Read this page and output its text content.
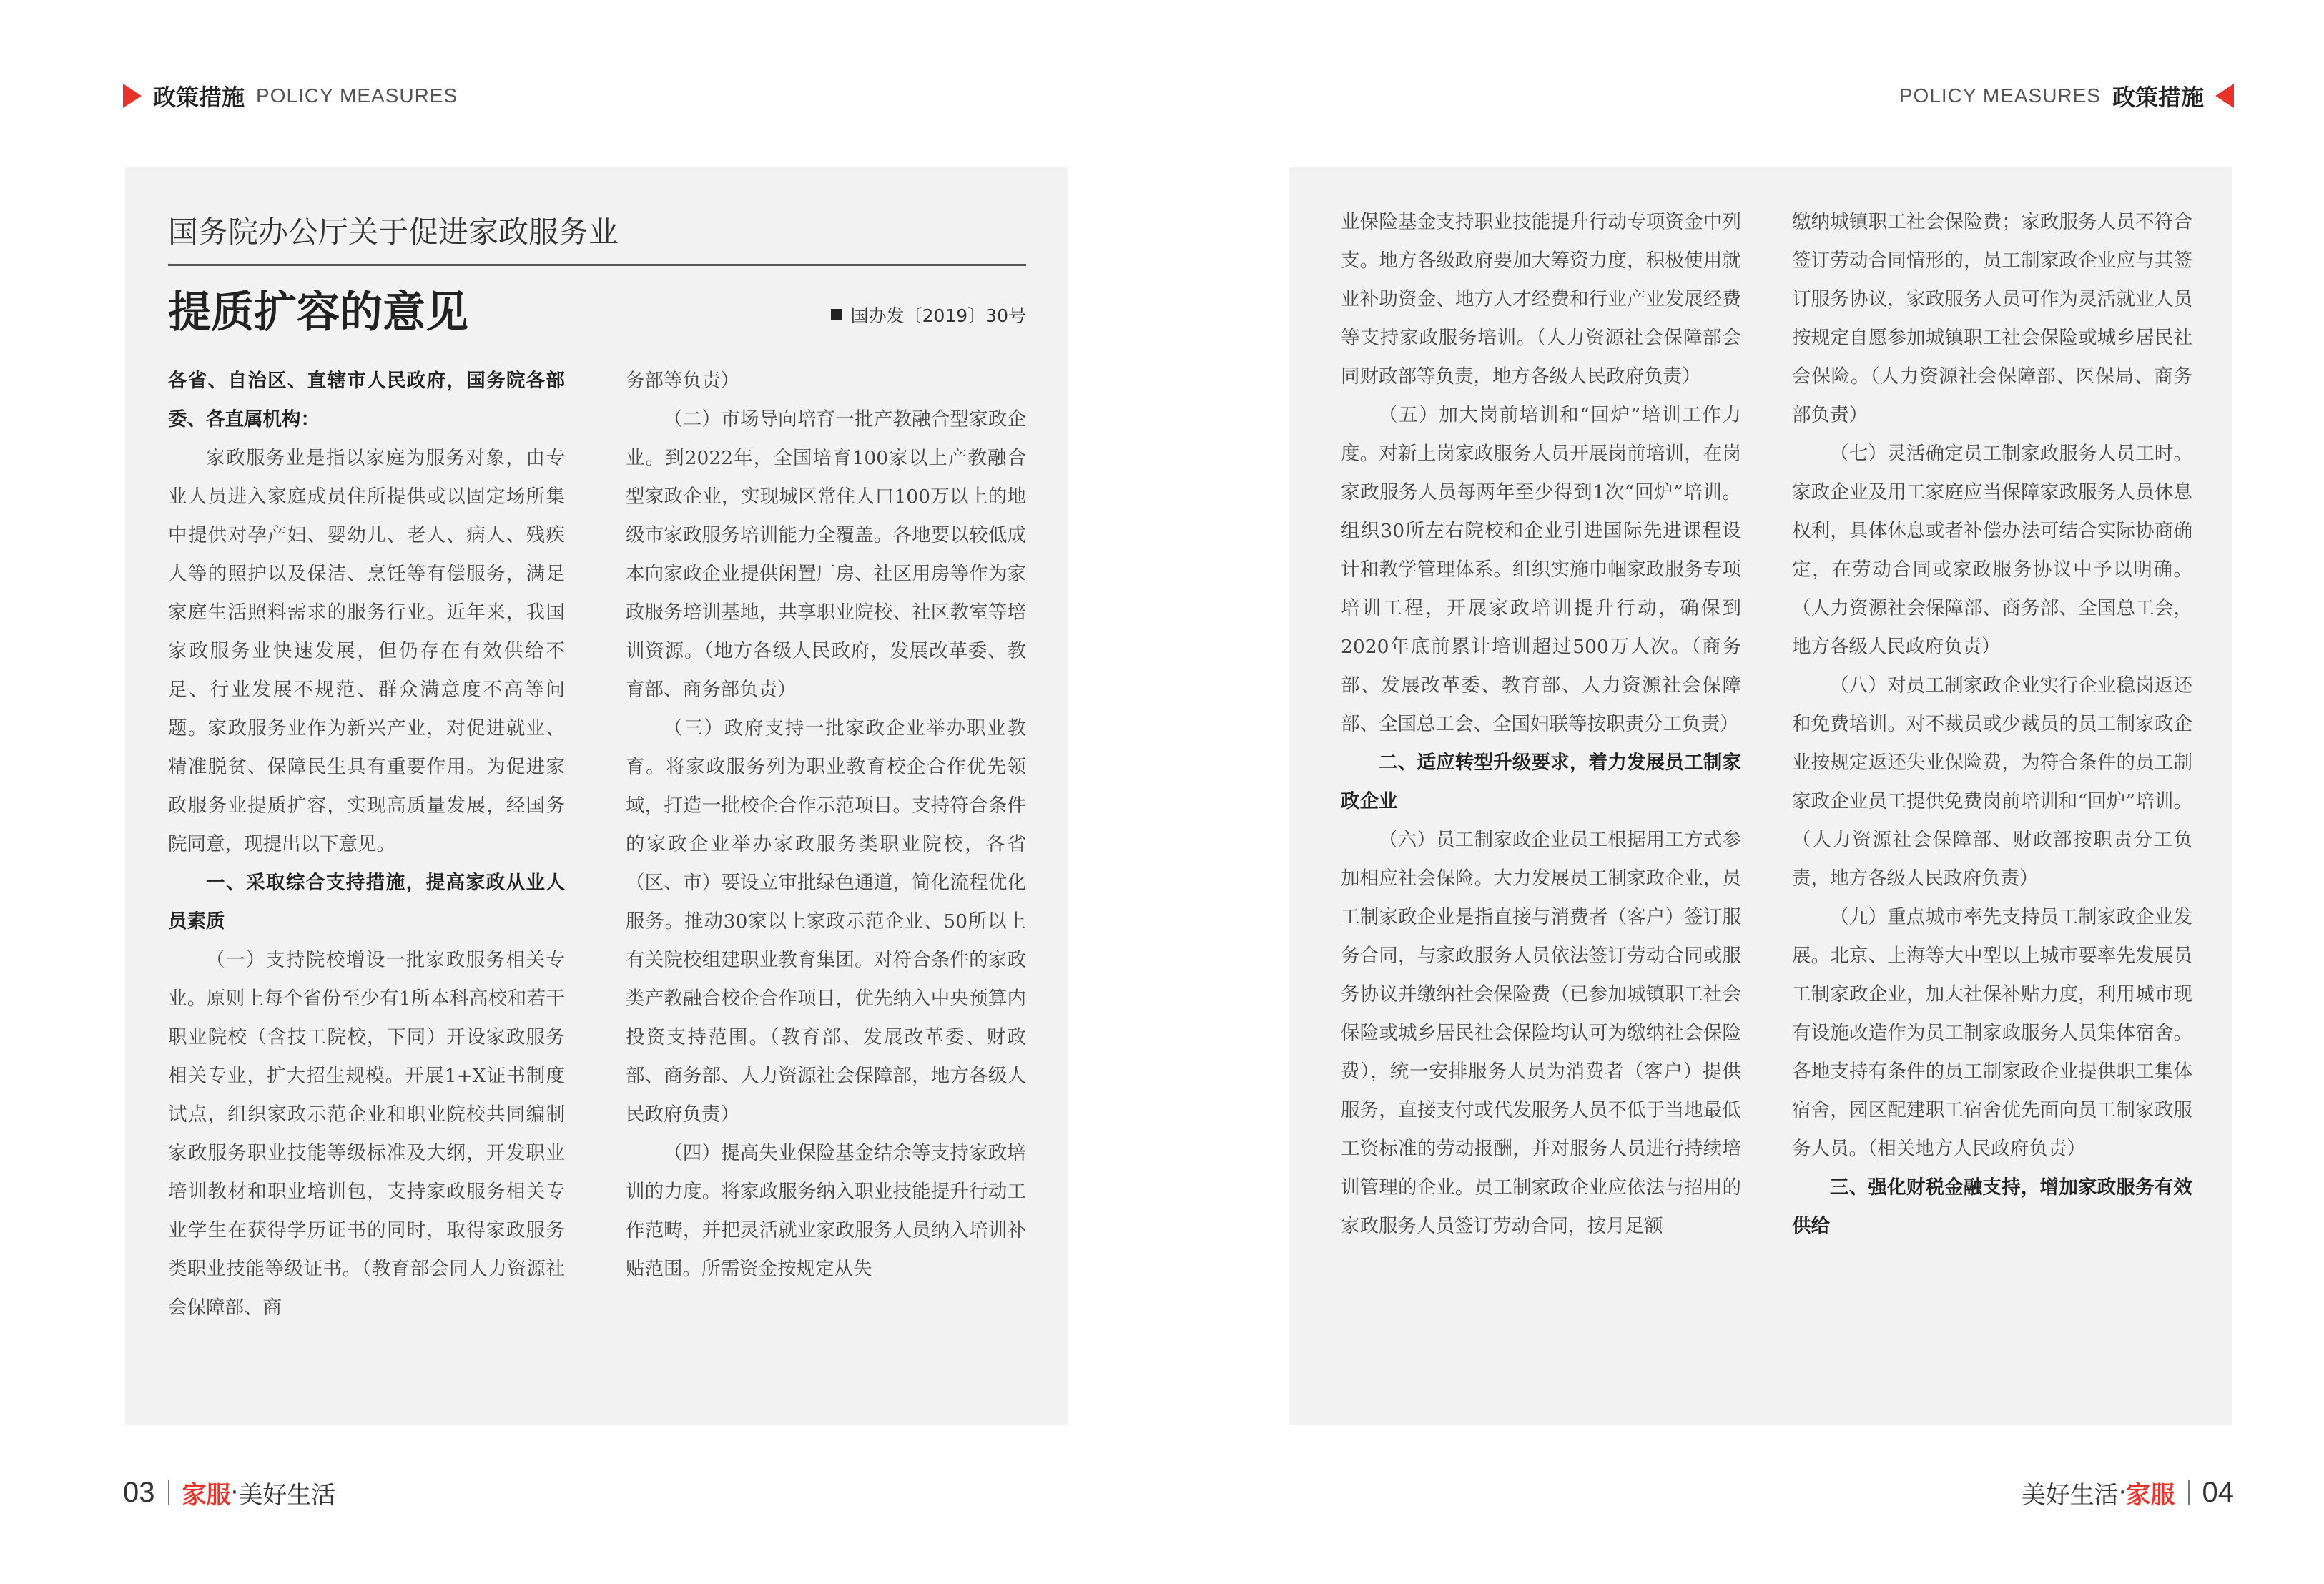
政策措施 POLICY MEASURES	POLICY MEASURES 政策措施
国务院办公厅关于促进家政服务业
提质扩容的意见	国办发〔2019〕30号

各省、自治区、直辖市人民政府，国务院各部委、各直属机构：

家政服务业是指以家庭为服务对象，由专业人员进入家庭成员住所提供或以固定场所集中提供对孕产妇、婴幼儿、老人、病人、残疾人等的照护以及保洁、烹饪等有偿服务，满足家庭生活照料需求的服务行业。近年来，我国家政服务业快速发展，但仍存在有效供给不足、行业发展不规范、群众满意度不高等问题。家政服务业作为新兴产业，对促进就业、精准脱贫、保障民生具有重要作用。为促进家政服务业提质扩容，实现高质量发展，经国务院同意，现提出以下意见。

一、采取综合支持措施，提高家政从业人员素质

（一）支持院校增设一批家政服务相关专业。原则上每个省份至少有1所本科高校和若干职业院校（含技工院校，下同）开设家政服务相关专业，扩大招生规模。开展1+X证书制度试点，组织家政示范企业和职业院校共同编制家政服务职业技能等级标准及大纲，开发职业培训教材和职业培训包，支持家政服务相关专业学生在获得学历证书的同时，取得家政服务类职业技能等级证书。（教育部会同人力资源社会保障部、商

务部等负责）

（二）市场导向培育一批产教融合型家政企业。到2022年，全国培育100家以上产教融合型家政企业，实现城区常住人口100万以上的地级市家政服务培训能力全覆盖。各地要以较低成本向家政企业提供闲置厂房、社区用房等作为家政服务培训基地，共享职业院校、社区教室等培训资源。（地方各级人民政府，发展改革委、教育部、商务部负责）

（三）政府支持一批家政企业举办职业教育。将家政服务列为职业教育校企合作优先领域，打造一批校企合作示范项目。支持符合条件的家政企业举办家政服务类职业院校，各省（区、市）要设立审批绿色通道，简化流程优化服务。推动30家以上家政示范企业、50所以上有关院校组建职业教育集团。对符合条件的家政类产教融合校企合作项目，优先纳入中央预算内投资支持范围。（教育部、发展改革委、财政部、商务部、人力资源社会保障部，地方各级人民政府负责）

（四）提高失业保险基金结余等支持家政培训的力度。将家政服务纳入职业技能提升行动工作范畴，并把灵活就业家政服务人员纳入培训补贴范围。所需资金按规定从失

业保险基金支持职业技能提升行动专项资金中列支。地方各级政府要加大筹资力度，积极使用就业补助资金、地方人才经费和行业产业发展经费等支持家政服务培训。（人力资源社会保障部会同财政部等负责，地方各级人民政府负责）

（五）加大岗前培训和“回炉”培训工作力度。对新上岗家政服务人员开展岗前培训，在岗家政服务人员每两年至少得到1次“回炉”培训。组织30所左右院校和企业引进国际先进课程设计和教学管理体系。组织实施巾帼家政服务专项培训工程，开展家政培训提升行动，确保到2020年底前累计培训超过500万人次。（商务部、发展改革委、教育部、人力资源社会保障部、全国总工会、全国妇联等按职责分工负责）

二、适应转型升级要求，着力发展员工制家政企业

（六）员工制家政企业员工根据用工方式参加相应社会保险。大力发展员工制家政企业，员工制家政企业是指直接与消费者（客户）签订服务合同，与家政服务人员依法签订劳动合同或服务协议并缴纳社会保险费（已参加城镇职工社会保险或城乡居民社会保险均认可为缴纳社会保险费），统一安排服务人员为消费者（客户）提供服务，直接支付或代发服务人员不低于当地最低工资标准的劳动报酬，并对服务人员进行持续培训管理的企业。员工制家政企业应依法与招用的家政服务人员签订劳动合同，按月足额

缴纳城镇职工社会保险费；家政服务人员不符合签订劳动合同情形的，员工制家政企业应与其签订服务协议，家政服务人员可作为灵活就业人员按规定自愿参加城镇职工社会保险或城乡居民社会保险。（人力资源社会保障部、医保局、商务部负责）

（七）灵活确定员工制家政服务人员工时。家政企业及用工家庭应当保障家政服务人员休息权利，具体休息或者补偿办法可结合实际协商确定，在劳动合同或家政服务协议中予以明确。（人力资源社会保障部、商务部、全国总工会，地方各级人民政府负责）

（八）对员工制家政企业实行企业稳岗返还和免费培训。对不裁员或少裁员的员工制家政企业按规定返还失业保险费，为符合条件的员工制家政企业员工提供免费岗前培训和“回炉”培训。（人力资源社会保障部、财政部按职责分工负责，地方各级人民政府负责）

（九）重点城市率先支持员工制家政企业发展。北京、上海等大中型以上城市要率先发展员工制家政企业，加大社保补贴力度，利用城市现有设施改造作为员工制家政服务人员集体宿舍。各地支持有条件的员工制家政企业提供职工集体宿舍，园区配建职工宿舍优先面向员工制家政服务人员。（相关地方人民政府负责）

三、强化财税金融支持，增加家政服务有效供给

03 家服 · 美好生活	美好生活 · 家服 04
